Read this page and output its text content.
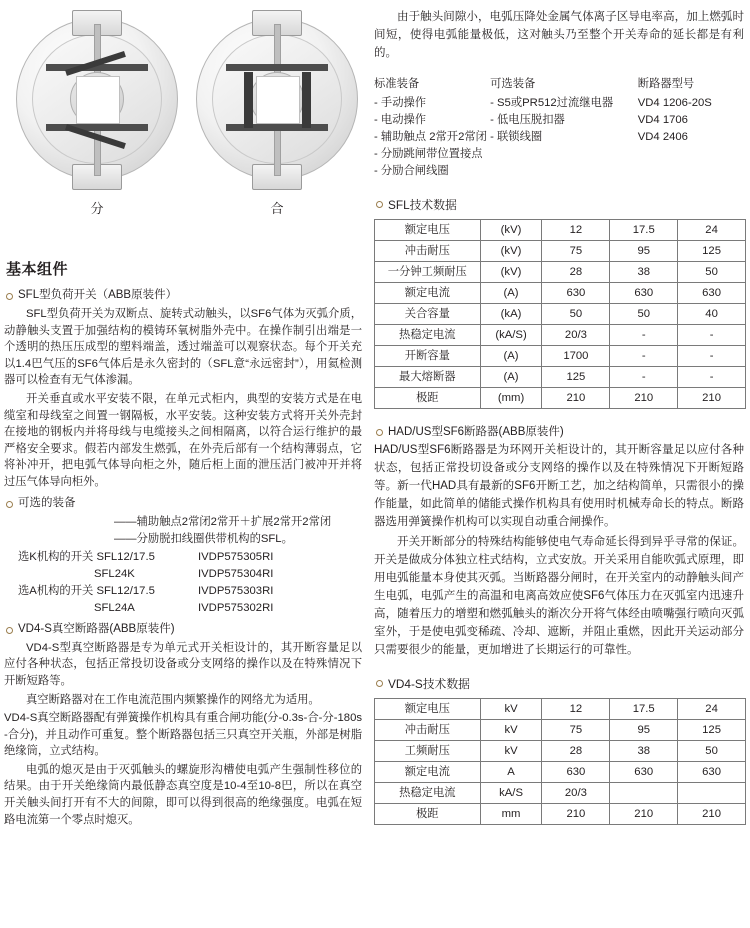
分	合
基本组件
SFL型负荷开关（ABB原装件）
SFL型负荷开关为双断点、旋转式动触头，以SF6气体为灭弧介质，动静触头支置于加强结构的模铸环氧树脂外壳中。在操作制引出端是一个透明的热压压成型的塑料端盖，透过端盖可以观察状态。每个开关充以1.4巴气压的SF6气体后是永久密封的（SFL意“永远密封”），用氦检测器可以检查有无气体渗漏。
开关垂直或水平安装不限，在单元式柜内，典型的安装方式是在电缆室和母线室之间置一钢隔板，水平安装。这种安装方式将开关外壳封在接地的钢板内并将母线与电缆接头之间相隔离，以符合运行维护的最严格安全要求。假若内部发生燃弧，在外壳后部有一个结构薄弱点，它将补冲开，把电弧气体导向柜之外，随后柜上面的泄压活门被冲开并将过压气体导向柜外。
可选的装备
——辅助触点2常闭2常开＋扩展2常开2常闭
——分励脱扣线圈供带机构的SFL。
选K机构的开关 SFL12/17.5	IVDP575305RI
SFL24K	IVDP575304RI
选A机构的开关 SFL12/17.5	IVDP575303RI
SFL24A	IVDP575302RI
VD4-S真空断路器(ABB原装件)
VD4-S型真空断路器是专为单元式开关柜设计的，其开断容量足以应付各种状态，包括正常投切设备或分支网络的操作以及在特殊情况下开断短路等。
真空断路器对在工作电流范围内频繁操作的网络尤为适用。
VD4-S真空断路器配有弹簧操作机构具有重合闸功能(分-0.3s-合-分-180s -合分)，并且动作可重复。整个断路器包括三只真空开关瓶，外部是树脂绝缘筒，立式结构。
电弧的熄灭是由于灭弧触头的螺旋形沟槽使电弧产生强制性移位的结果。由于开关绝缘筒内最低静态真空度是10-4至10-8巴，所以在真空开关触头间打开有不大的间隙，即可以得到很高的绝缘强度。电弧在短路电流第一个零点时熄灭。
由于触头间隙小，电弧压降处金属气体离子区导电率高，加上燃弧时间短，使得电弧能量极低，这对触头乃至整个开关寿命的延长都是有利的。
标准装备
- 手动操作
- 电动操作
- 辅助触点 2常开2常闭
- 分励跳闸带位置接点
- 分励合闸线圈
可选装备
- S5或PR512过流继电器
- 低电压脱扣器
- 联锁线圈
断路器型号
VD4 1206-20S
VD4 1706
VD4 2406
SFL技术数据
额定电压	(kV)	12	17.5	24
冲击耐压	(kV)	75	95	125
一分钟工频耐压	(kV)	28	38	50
额定电流	(A)	630	630	630
关合容量	(kA)	50	50	40
热稳定电流	(kA/S)	20/3	-	-
开断容量	(A)	1700	-	-
最大熔断器	(A)	125	-	-
极距	(mm)	210	210	210
HAD/US型SF6断路器(ABB原装件)
HAD/US型SF6断路器是为环网开关柜设计的，其开断容量足以应付各种状态，包括正常投切设备或分支网络的操作以及在特殊情况下开断短路等。新一代HAD具有最新的SF6开断工艺，加之结构简单，只需很小的操作能量，如此简单的储能式操作机构具有使用时机械寿命长的特点。断路器选用弹簧操作机构可以实现自动重合闸操作。
开关开断部分的特殊结构能够使电气寿命延长得到异乎寻常的保证。开关是做成分体独立柱式结构，立式安放。开关采用自能吹弧式原理，即用电弧能量本身使其灭弧。当断路器分闸时，在开关室内的动静触头间产生电弧，电弧产生的高温和电离高效应使SF6气体压力在灭弧室内迅速升高，随着压力的增塑和燃弧触头的渐次分开将气体经由喷嘴强行喷向灭弧室外，于是使电弧变稀疏、冷却、遮断，并阻止重燃，因此开关运动部分只需要很少的能量，更加增进了长期运行的可靠性。
VD4-S技术数据
额定电压	kV	12	17.5	24
冲击耐压	kV	75	95	125
工频耐压	kV	28	38	50
额定电流	A	630	630	630
热稳定电流	kA/S	20/3		
极距	mm	210	210	210
